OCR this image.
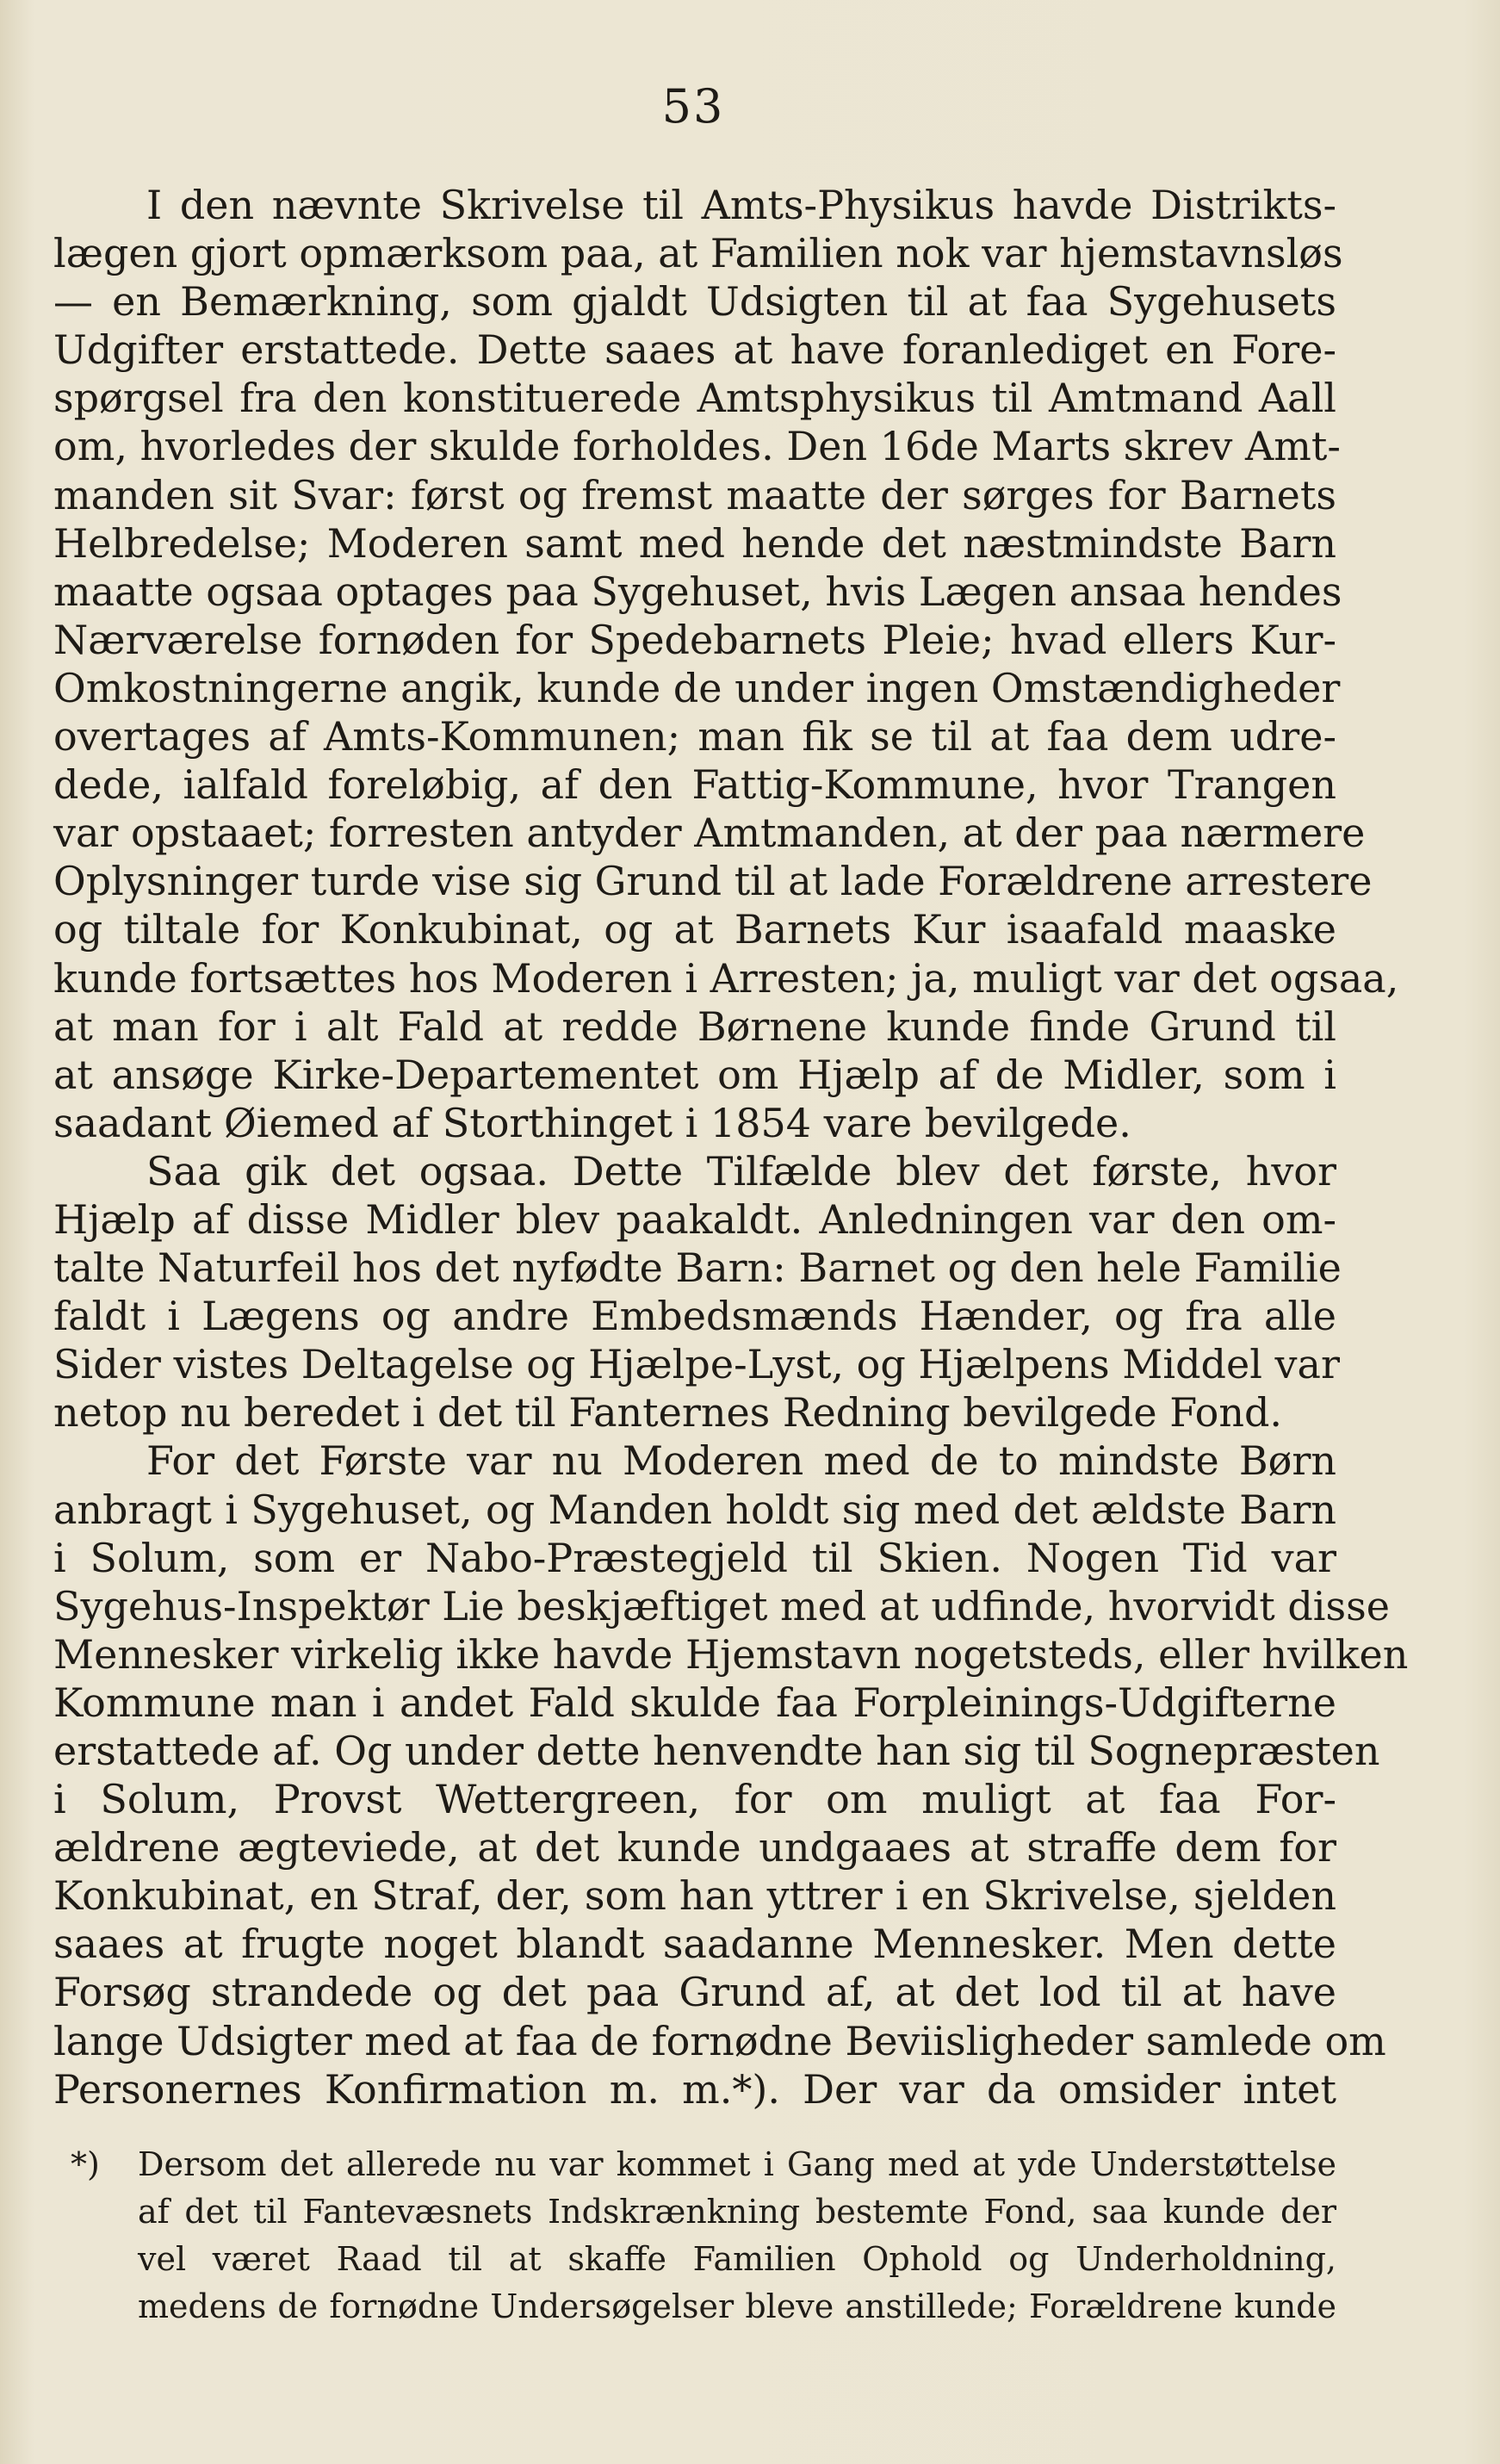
53

I den nævnte Skrivelse til Amts-Physikus havde Distrikts-
lægen gjort opmærksom paa, at Familien nok var hjemstavnsløs
— en Bemærkning, som gjaldt Udsigten til at faa Sygehusets
Udgifter erstattede. Dette saaes at have foranlediget en Fore-
spørgsel fra den konstituerede Amtsphysikus til Amtmand Aall
om, hvorledes der skulde forholdes. Den 16de Marts skrev Amt-
manden sit Svar: først og fremst maatte der sørges for Barnets
Helbredelse; Moderen samt med hende det næstmindste Barn
maatte ogsaa optages paa Sygehuset, hvis Lægen ansaa hendes
Nærværelse fornøden for Spedebarnets Pleie; hvad ellers Kur-
Omkostningerne angik, kunde de under ingen Omstændigheder
overtages af Amts-Kommunen; man fik se til at faa dem udre-
dede, ialfald foreløbig, af den Fattig-Kommune, hvor Trangen
var opstaaet; forresten antyder Amtmanden, at der paa nærmere
Oplysninger turde vise sig Grund til at lade Forældrene arrestere
og tiltale for Konkubinat, og at Barnets Kur isaafald maaske
kunde fortsættes hos Moderen i Arresten; ja, muligt var det ogsaa,
at man for i alt Fald at redde Børnene kunde finde Grund til
at ansøge Kirke-Departementet om Hjælp af de Midler, som i
saadant Øiemed af Storthinget i 1854 vare bevilgede.

Saa gik det ogsaa. Dette Tilfælde blev det første, hvor
Hjælp af disse Midler blev paakaldt. Anledningen var den om-
talte Naturfeil hos det nyfødte Barn: Barnet og den hele Familie
faldt i Lægens og andre Embedsmænds Hænder, og fra alle
Sider vistes Deltagelse og Hjælpe-Lyst, og Hjælpens Middel var
netop nu beredet i det til Fanternes Redning bevilgede Fond.

For det Første var nu Moderen med de to mindste Børn
anbragt i Sygehuset, og Manden holdt sig med det ældste Barn
i Solum, som er Nabo-Præstegjeld til Skien. Nogen Tid var
Sygehus-Inspektør Lie beskjæftiget med at udfinde, hvorvidt disse
Mennesker virkelig ikke havde Hjemstavn nogetsteds, eller hvilken
Kommune man i andet Fald skulde faa Forpleinings-Udgifterne
erstattede af. Og under dette henvendte han sig til Sognepræsten
i Solum, Provst Wettergreen, for om muligt at faa For-
ældrene ægteviede, at det kunde undgaaes at straffe dem for
Konkubinat, en Straf, der, som han yttrer i en Skrivelse, sjelden
saaes at frugte noget blandt saadanne Mennesker. Men dette
Forsøg strandede og det paa Grund af, at det lod til at have
lange Udsigter med at faa de fornødne Beviisligheder samlede om
Personernes Konfirmation m. m.*). Der var da omsider intet

*) Dersom det allerede nu var kommet i Gang med at yde Understøttelse
af det til Fantevæsnets Indskrænkning bestemte Fond, saa kunde der
vel været Raad til at skaffe Familien Ophold og Underholdning,
medens de fornødne Undersøgelser bleve anstillede; Forældrene kunde
